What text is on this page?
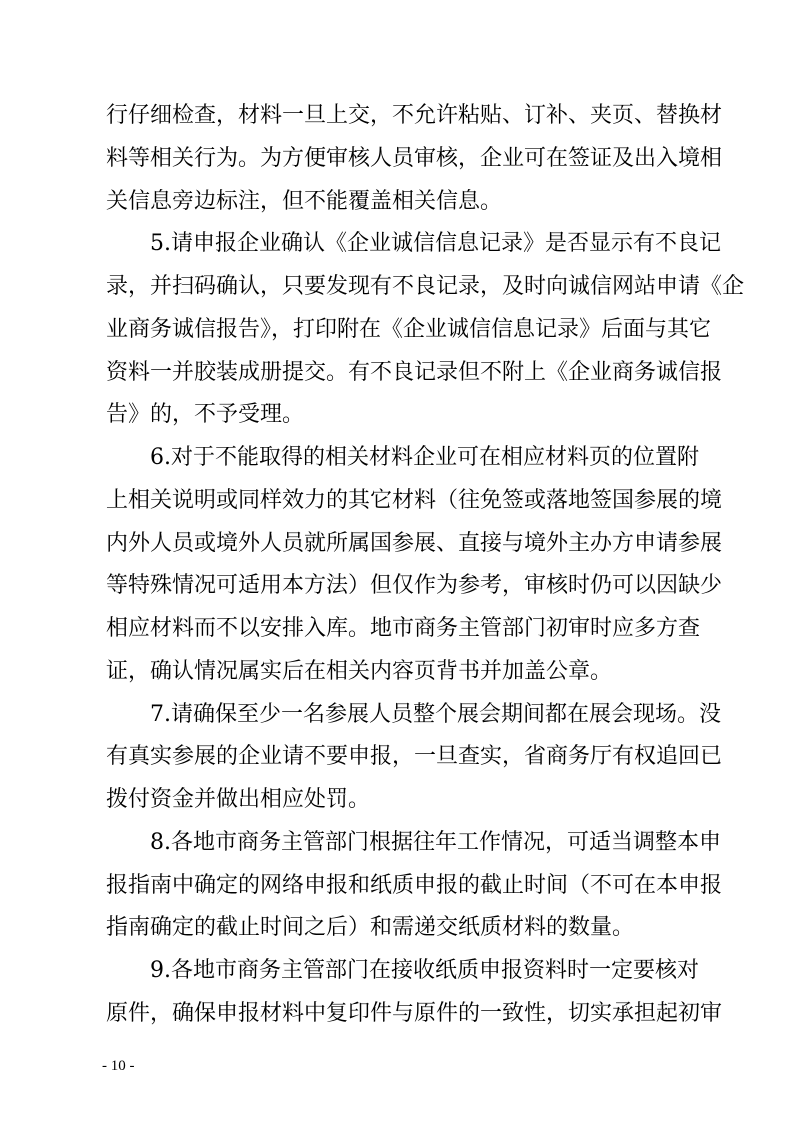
行仔细检查，材料一旦上交，不允许粘贴、订补、夹页、替换材
料等相关行为。为方便审核人员审核，企业可在签证及出入境相
关信息旁边标注，但不能覆盖相关信息。
5.请申报企业确认《企业诚信信息记录》是否显示有不良记
录，并扫码确认，只要发现有不良记录，及时向诚信网站申请《企
业商务诚信报告》，打印附在《企业诚信信息记录》后面与其它
资料一并胶装成册提交。有不良记录但不附上《企业商务诚信报
告》的，不予受理。
6.对于不能取得的相关材料企业可在相应材料页的位置附
上相关说明或同样效力的其它材料（往免签或落地签国参展的境
内外人员或境外人员就所属国参展、直接与境外主办方申请参展
等特殊情况可适用本方法）但仅作为参考，审核时仍可以因缺少
相应材料而不以安排入库。地市商务主管部门初审时应多方查
证，确认情况属实后在相关内容页背书并加盖公章。
7.请确保至少一名参展人员整个展会期间都在展会现场。没
有真实参展的企业请不要申报，一旦查实，省商务厅有权追回已
拨付资金并做出相应处罚。
8.各地市商务主管部门根据往年工作情况，可适当调整本申
报指南中确定的网络申报和纸质申报的截止时间（不可在本申报
指南确定的截止时间之后）和需递交纸质材料的数量。
9.各地市商务主管部门在接收纸质申报资料时一定要核对
原件，确保申报材料中复印件与原件的一致性，切实承担起初审
- 10 -
